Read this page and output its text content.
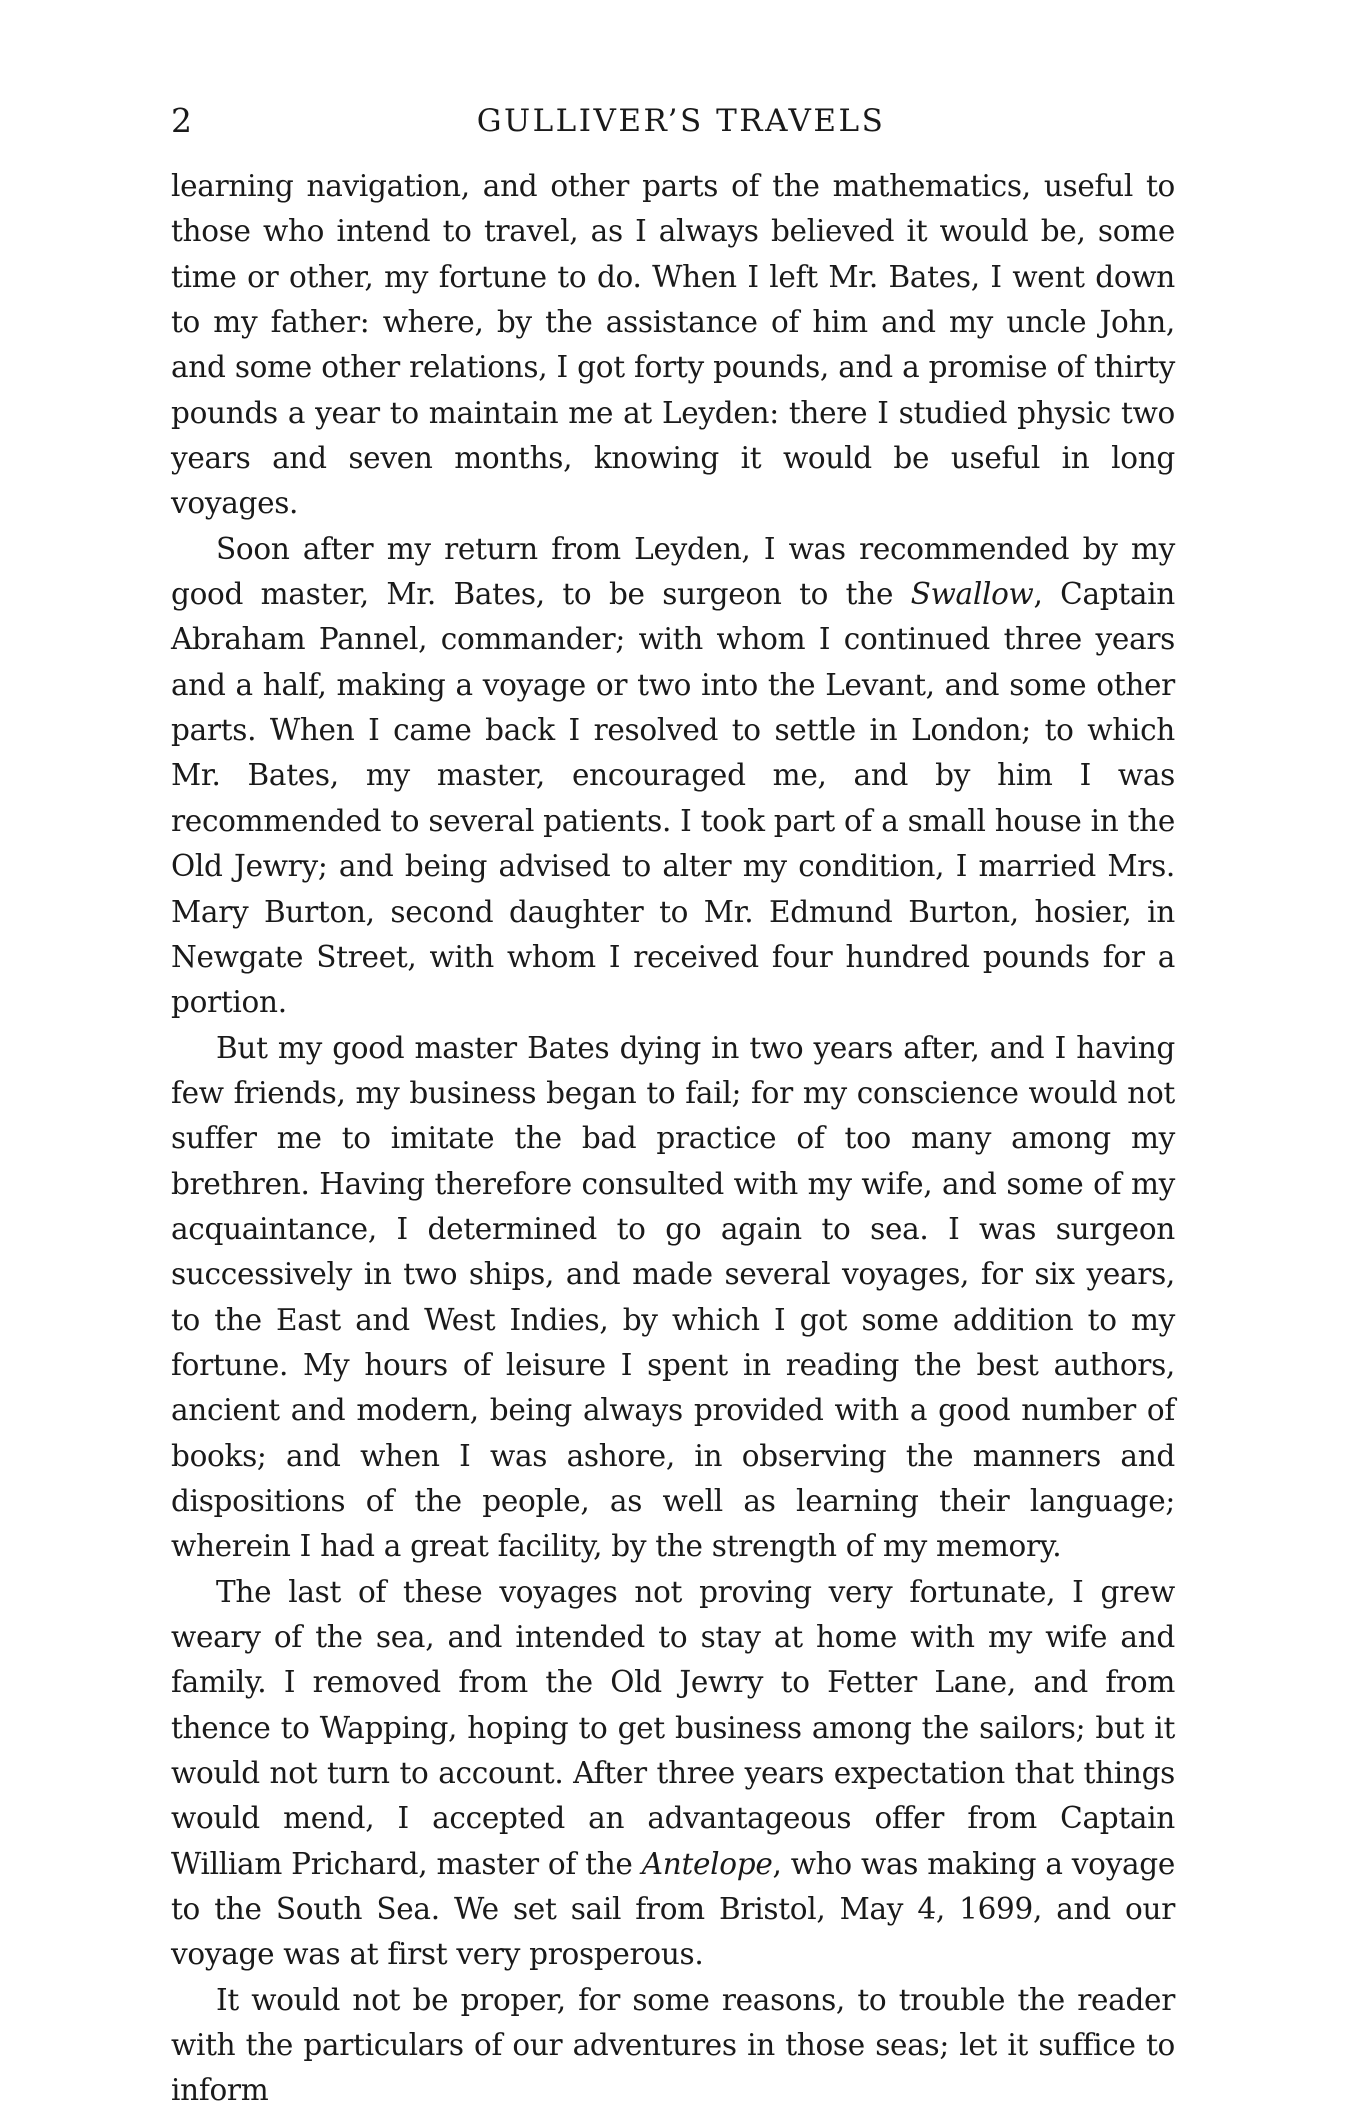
2	GULLIVER’S TRAVELS

learning navigation, and other parts of the mathematics, useful to those who intend to travel, as I always believed it would be, some time or other, my fortune to do. When I left Mr. Bates, I went down to my father: where, by the assistance of him and my uncle John, and some other relations, I got forty pounds, and a promise of thirty pounds a year to maintain me at Leyden: there I studied physic two years and seven months, knowing it would be useful in long voyages.

Soon after my return from Leyden, I was recommended by my good master, Mr. Bates, to be surgeon to the Swallow, Captain Abraham Pannel, commander; with whom I continued three years and a half, making a voyage or two into the Levant, and some other parts. When I came back I resolved to settle in London; to which Mr. Bates, my master, encouraged me, and by him I was recommended to several patients. I took part of a small house in the Old Jewry; and being advised to alter my condition, I married Mrs. Mary Burton, second daughter to Mr. Edmund Burton, hosier, in Newgate Street, with whom I received four hundred pounds for a portion.

But my good master Bates dying in two years after, and I having few friends, my business began to fail; for my conscience would not suffer me to imitate the bad practice of too many among my brethren. Having therefore consulted with my wife, and some of my acquaintance, I determined to go again to sea. I was surgeon successively in two ships, and made several voyages, for six years, to the East and West Indies, by which I got some addition to my fortune. My hours of leisure I spent in reading the best authors, ancient and modern, being always provided with a good number of books; and when I was ashore, in observing the manners and dispositions of the people, as well as learning their language; wherein I had a great facility, by the strength of my memory.

The last of these voyages not proving very fortunate, I grew weary of the sea, and intended to stay at home with my wife and family. I removed from the Old Jewry to Fetter Lane, and from thence to Wapping, hoping to get business among the sailors; but it would not turn to account. After three years expectation that things would mend, I accepted an advantageous offer from Captain William Prichard, master of the Antelope, who was making a voyage to the South Sea. We set sail from Bristol, May 4, 1699, and our voyage was at first very prosperous.

It would not be proper, for some reasons, to trouble the reader with the particulars of our adventures in those seas; let it suffice to inform
